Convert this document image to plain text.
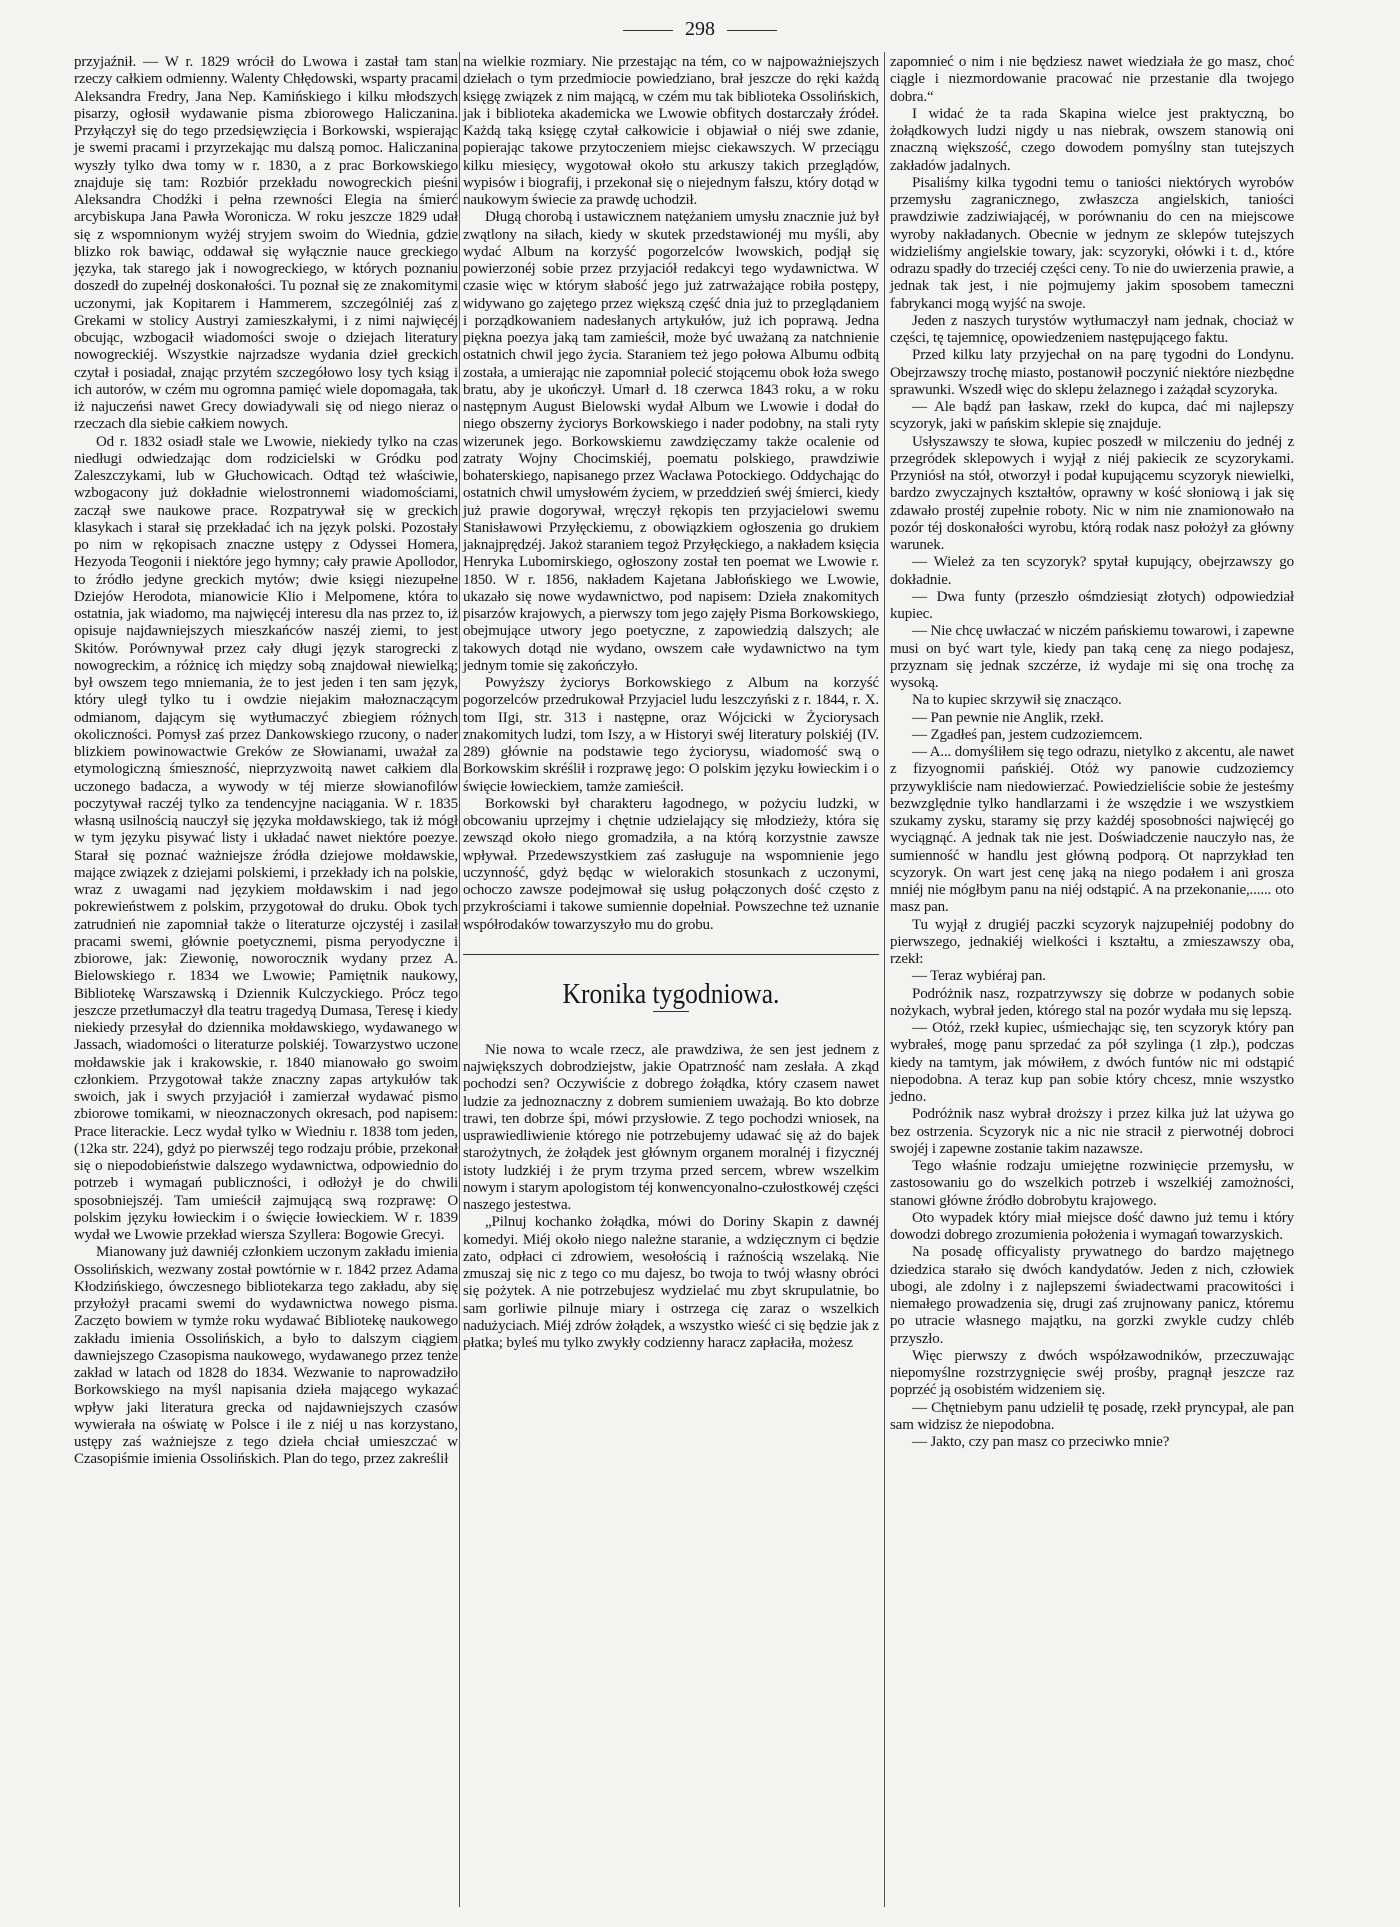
298

przyjaźnił. — W r. 1829 wrócił do Lwowa i zastał tam stan rzeczy całkiem odmienny. Walenty Chłędowski, wsparty pracami Aleksandra Fredry, Jana Nep. Kamińskiego i kilku młodszych pisarzy, ogłosił wydawanie pisma zbiorowego Haliczanina. Przyłączył się do tego przedsięwzięcia i Borkowski, wspierając je swemi pracami i przyrzekając mu dalszą pomoc. Haliczanina wyszły tylko dwa tomy w r. 1830, a z prac Borkowskiego znajduje się tam: Rozbiór przekładu nowogreckich pieśni Aleksandra Chodźki i pełna rzewności Elegia na śmierć arcybiskupa Jana Pawła Woronicza. W roku jeszcze 1829 udał się z wspomnionym wyżéj stryjem swoim do Wiednia, gdzie blizko rok bawiąc, oddawał się wyłącznie nauce greckiego języka, tak starego jak i nowogreckiego, w których poznaniu doszedł do zupełnéj doskonałości. Tu poznał się ze znakomitymi uczonymi, jak Kopitarem i Hammerem, szczególniéj zaś z Grekami w stolicy Austryi zamieszkałymi, i z nimi najwięcéj obcując, wzbogacił wiadomości swoje o dziejach literatury nowogreckiéj. Wszystkie najrzadsze wydania dzieł greckich czytał i posiadał, znając przytém szczegółowo losy tych ksiąg i ich autorów, w czém mu ogromna pamięć wiele dopomagała, tak iż najuczeńsi nawet Grecy dowiadywali się od niego nieraz o rzeczach dla siebie całkiem nowych.

Od r. 1832 osiadł stale we Lwowie, niekiedy tylko na czas niedługi odwiedzając dom rodzicielski w Gródku pod Zaleszczykami, lub w Głuchowicach. Odtąd też właściwie, wzbogacony już dokładnie wielostronnemi wiadomościami, zaczął swe naukowe prace. Rozpatrywał się w greckich klasykach i starał się przekładać ich na język polski. Pozostały po nim w rękopisach znaczne ustępy z Odyssei Homera, Hezyoda Teogonii i niektóre jego hymny; cały prawie Apollodor, to źródło jedyne greckich mytów; dwie księgi niezupełne Dziejów Herodota, mianowicie Klio i Melpomene, która to ostatnia, jak wiadomo, ma najwięcéj interesu dla nas przez to, iż opisuje najdawniejszych mieszkańców naszéj ziemi, to jest Skitów. Porównywał przez cały długi język starogrecki z nowogreckim, a różnicę ich między sobą znajdował niewielką; był owszem tego mniemania, że to jest jeden i ten sam język, który uległ tylko tu i owdzie niejakim małoznaczącym odmianom, dającym się wytłumaczyć zbiegiem różnych okoliczności. Pomysł zaś przez Dankowskiego rzucony, o nader blizkiem powinowactwie Greków ze Słowianami, uważał za etymologiczną śmieszność, nieprzyzwoitą nawet całkiem dla uczonego badacza, a wywody w téj mierze słowianofilów poczytywał raczéj tylko za tendencyjne naciągania. W r. 1835 własną usilnością nauczył się języka mołdawskiego, tak iż mógł w tym języku pisywać listy i układać nawet niektóre poezye. Starał się poznać ważniejsze źródła dziejowe mołdawskie, mające związek z dziejami polskiemi, i przekłady ich na polskie, wraz z uwagami nad językiem mołdawskim i nad jego pokrewieństwem z polskim, przygotował do druku. Obok tych zatrudnień nie zapomniał także o literaturze ojczystéj i zasilał pracami swemi, głównie poetycznemi, pisma peryodyczne i zbiorowe, jak: Ziewonię, noworocznik wydany przez A. Bielowskiego r. 1834 we Lwowie; Pamiętnik naukowy, Bibliotekę Warszawską i Dziennik Kulczyckiego. Prócz tego jeszcze przetłumaczył dla teatru tragedyą Dumasa, Teresę i kiedy niekiedy przesyłał do dziennika mołdawskiego, wydawanego w Jassach, wiadomości o literaturze polskiéj. Towarzystwo uczone mołdawskie jak i krakowskie, r. 1840 mianowało go swoim członkiem. Przygotował także znaczny zapas artykułów tak swoich, jak i swych przyjaciół i zamierzał wydawać pismo zbiorowe tomikami, w nieoznaczonych okresach, pod napisem: Prace literackie. Lecz wydał tylko w Wiedniu r. 1838 tom jeden, (12ka str. 224), gdyż po pierwszéj tego rodzaju próbie, przekonał się o niepodobieństwie dalszego wydawnictwa, odpowiednio do potrzeb i wymagań publiczności, i odłożył je do chwili sposobniejszéj. Tam umieścił zajmującą swą rozprawę: O polskim języku łowieckim i o święcie łowieckiem. W r. 1839 wydał we Lwowie przekład wiersza Szyllera: Bogowie Grecyi.

Mianowany już dawniéj członkiem uczonym zakładu imienia Ossolińskich, wezwany został powtórnie w r. 1842 przez Adama Kłodzińskiego, ówczesnego bibliotekarza tego zakładu, aby się przyłożył pracami swemi do wydawnictwa nowego pisma. Zaczęto bowiem w tymże roku wydawać Bibliotekę naukowego zakładu imienia Ossolińskich, a było to dalszym ciągiem dawniejszego Czasopisma naukowego, wydawanego przez tenże zakład w latach od 1828 do 1834. Wezwanie to naprowadziło Borkowskiego na myśl napisania dzieła mającego wykazać wpływ jaki literatura grecka od najdawniejszych czasów wywierała na oświatę w Polsce i ile z niéj u nas korzystano, ustępy zaś ważniejsze z tego dzieła chciał umieszczać w Czasopiśmie imienia Ossolińskich. Plan do tego, przez zakreślił

na wielkie rozmiary. Nie przestając na tém, co w najpoważniejszych dziełach o tym przedmiocie powiedziano, brał jeszcze do ręki każdą księgę związek z nim mającą, w czém mu tak biblioteka Ossolińskich, jak i biblioteka akademicka we Lwowie obfitych dostarczały źródeł. Każdą taką księgę czytał całkowicie i objawiał o niéj swe zdanie, popierając takowe przytoczeniem miejsc ciekawszych. W przeciągu kilku miesięcy, wygotował około stu arkuszy takich przeglądów, wypisów i biografij, i przekonał się o niejednym fałszu, który dotąd w naukowym świecie za prawdę uchodził.

Długą chorobą i ustawicznem natężaniem umysłu znacznie już był zwątlony na siłach, kiedy w skutek przedstawionéj mu myśli, aby wydać Album na korzyść pogorzelców lwowskich, podjął się powierzonéj sobie przez przyjaciół redakcyi tego wydawnictwa. W czasie więc w którym słabość jego już zatrważające robiła postępy, widywano go zajętego przez większą część dnia już to przeglądaniem i porządkowaniem nadesłanych artykułów, już ich poprawą. Jedna piękna poezya jaką tam zamieścił, może być uważaną za natchnienie ostatnich chwil jego życia. Staraniem też jego połowa Albumu odbitą została, a umierając nie zapomniał polecić stojącemu obok łoża swego bratu, aby je ukończył. Umarł d. 18 czerwca 1843 roku, a w roku następnym August Bielowski wydał Album we Lwowie i dodał do niego obszerny życiorys Borkowskiego i nader podobny, na stali ryty wizerunek jego. Borkowskiemu zawdzięczamy także ocalenie od zatraty Wojny Chocimskiéj, poematu polskiego, prawdziwie bohaterskiego, napisanego przez Wacława Potockiego. Oddychając do ostatnich chwil umysłowém życiem, w przeddzień swéj śmierci, kiedy już prawie dogorywał, wręczył rękopis ten przyjacielowi swemu Stanisławowi Przyłęckiemu, z obowiązkiem ogłoszenia go drukiem jaknajprędzéj. Jakoż staraniem tegoż Przyłęckiego, a nakładem księcia Henryka Lubomirskiego, ogłoszony został ten poemat we Lwowie r. 1850. W r. 1856, nakładem Kajetana Jabłońskiego we Lwowie, ukazało się nowe wydawnictwo, pod napisem: Dzieła znakomitych pisarzów krajowych, a pierwszy tom jego zajęły Pisma Borkowskiego, obejmujące utwory jego poetyczne, z zapowiedzią dalszych; ale takowych dotąd nie wydano, owszem całe wydawnictwo na tym jednym tomie się zakończyło.

Powyższy życiorys Borkowskiego z Album na korzyść pogorzelców przedrukował Przyjaciel ludu leszczyński z r. 1844, r. X. tom IIgi, str. 313 i następne, oraz Wójcicki w Życiorysach znakomitych ludzi, tom Iszy, a w Historyi swéj literatury polskiéj (IV. 289) głównie na podstawie tego życiorysu, wiadomość swą o Borkowskim skréślił i rozprawę jego: O polskim języku łowieckim i o święcie łowieckiem, tamże zamieścił.

Borkowski był charakteru łagodnego, w pożyciu ludzki, w obcowaniu uprzejmy i chętnie udzielający się młodzieży, która się zewsząd około niego gromadziła, a na którą korzystnie zawsze wpływał. Przedewszystkiem zaś zasługuje na wspomnienie jego uczynność, gdyż będąc w wielorakich stosunkach z uczonymi, ochoczo zawsze podejmował się usług połączonych dość często z przykrościami i takowe sumiennie dopełniał. Powszechne też uznanie współrodaków towarzyszyło mu do grobu.

Kronika tygodniowa.

Nie nowa to wcale rzecz, ale prawdziwa, że sen jest jednem z największych dobrodziejstw, jakie Opatrzność nam zesłała. A zkąd pochodzi sen? Oczywiście z dobrego żołądka, który czasem nawet ludzie za jednoznaczny z dobrem sumieniem uważają. Bo kto dobrze trawi, ten dobrze śpi, mówi przysłowie. Z tego pochodzi wniosek, na usprawiedliwienie którego nie potrzebujemy udawać się aż do bajek starożytnych, że żołądek jest głównym organem moralnéj i fizycznéj istoty ludzkiéj i że prym trzyma przed sercem, wbrew wszelkim nowym i starym apologistom téj konwencyonalno-czułostkowéj części naszego jestestwa.

„Pilnuj kochanko żołądka, mówi do Doriny Skapin z dawnéj komedyi. Miéj około niego należne staranie, a wdzięcznym ci będzie zato, odpłaci ci zdrowiem, wesołością i raźnością wszelaką. Nie zmuszaj się nic z tego co mu dajesz, bo twoja to twój własny obróci się pożytek. A nie potrzebujesz wydzielać mu zbyt skrupulatnie, bo sam gorliwie pilnuje miary i ostrzega cię zaraz o wszelkich nadużyciach. Miéj zdrów żołądek, a wszystko wieść ci się będzie jak z płatka; byleś mu tylko zwykły codzienny haracz zapłaciła, możesz

zapomnieć o nim i nie będziesz nawet wiedziała że go masz, choć ciągle i niezmordowanie pracować nie przestanie dla twojego dobra.“

I widać że ta rada Skapina wielce jest praktyczną, bo żołądkowych ludzi nigdy u nas niebrak, owszem stanowią oni znaczną większość, czego dowodem pomyślny stan tutejszych zakładów jadalnych.

Pisaliśmy kilka tygodni temu o taniości niektórych wyrobów przemysłu zagranicznego, zwłaszcza angielskich, taniości prawdziwie zadziwiającéj, w porównaniu do cen na miejscowe wyroby nakładanych. Obecnie w jednym ze sklepów tutejszych widzieliśmy angielskie towary, jak: scyzoryki, ołówki i t. d., które odrazu spadły do trzeciéj części ceny. To nie do uwierzenia prawie, a jednak tak jest, i nie pojmujemy jakim sposobem tameczni fabrykanci mogą wyjść na swoje.

Jeden z naszych turystów wytłumaczył nam jednak, chociaż w części, tę tajemnicę, opowiedzeniem następującego faktu.

Przed kilku laty przyjechał on na parę tygodni do Londynu. Obejrzawszy trochę miasto, postanowił poczynić niektóre niezbędne sprawunki. Wszedł więc do sklepu żelaznego i zażądał scyzoryka.

— Ale bądź pan łaskaw, rzekł do kupca, dać mi najlepszy scyzoryk, jaki w pańskim sklepie się znajduje.

Usłyszawszy te słowa, kupiec poszedł w milczeniu do jednéj z przegródek sklepowych i wyjął z niéj pakiecik ze scyzorykami. Przyniósł na stół, otworzył i podał kupującemu scyzoryk niewielki, bardzo zwyczajnych kształtów, oprawny w kość słoniową i jak się zdawało prostéj zupełnie roboty. Nic w nim nie znamionowało na pozór téj doskonałości wyrobu, którą rodak nasz położył za główny warunek.

— Wieleż za ten scyzoryk? spytał kupujący, obejrzawszy go dokładnie.

— Dwa funty (przeszło ośmdziesiąt złotych) odpowiedział kupiec.

— Nie chcę uwłaczać w niczém pańskiemu towarowi, i zapewne musi on być wart tyle, kiedy pan taką cenę za niego podajesz, przyznam się jednak szczérze, iż wydaje mi się ona trochę za wysoką.

Na to kupiec skrzywił się znacząco.

— Pan pewnie nie Anglik, rzekł.

— Zgadłeś pan, jestem cudzoziemcem.

— A... domyśliłem się tego odrazu, nietylko z akcentu, ale nawet z fizyognomii pańskiéj. Otóż wy panowie cudzoziemcy przywykliście nam niedowierzać. Powiedzieliście sobie że jesteśmy bezwzględnie tylko handlarzami i że wszędzie i we wszystkiem szukamy zysku, staramy się przy każdéj sposobności najwięcéj go wyciągnąć. A jednak tak nie jest. Doświadczenie nauczyło nas, że sumienność w handlu jest główną podporą. Ot naprzykład ten scyzoryk. On wart jest cenę jaką na niego podałem i ani grosza mniéj nie mógłbym panu na niéj odstąpić. A na przekonanie,...... oto masz pan.

Tu wyjął z drugiéj paczki scyzoryk najzupełniéj podobny do pierwszego, jednakiéj wielkości i kształtu, a zmieszawszy oba, rzekł:

— Teraz wybiéraj pan.

Podróżnik nasz, rozpatrzywszy się dobrze w podanych sobie nożykach, wybrał jeden, którego stal na pozór wydała mu się lepszą.

— Otóż, rzekł kupiec, uśmiechając się, ten scyzoryk który pan wybrałeś, mogę panu sprzedać za pół szylinga (1 złp.), podczas kiedy na tamtym, jak mówiłem, z dwóch funtów nic mi odstąpić niepodobna. A teraz kup pan sobie który chcesz, mnie wszystko jedno.

Podróżnik nasz wybrał droższy i przez kilka już lat używa go bez ostrzenia. Scyzoryk nic a nic nie stracił z pierwotnéj dobroci swojéj i zapewne zostanie takim nazawsze.

Tego właśnie rodzaju umiejętne rozwinięcie przemysłu, w zastosowaniu go do wszelkich potrzeb i wszelkiéj zamożności, stanowi główne źródło dobrobytu krajowego.

Oto wypadek który miał miejsce dość dawno już temu i który dowodzi dobrego zrozumienia położenia i wymagań towarzyskich.

Na posadę officyalisty prywatnego do bardzo majętnego dziedzica starało się dwóch kandydatów. Jeden z nich, człowiek ubogi, ale zdolny i z najlepszemi świadectwami pracowitości i niemałego prowadzenia się, drugi zaś zrujnowany panicz, któremu po utracie własnego majątku, na gorzki zwykle cudzy chléb przyszło.

Więc pierwszy z dwóch współzawodników, przeczuwając niepomyślne rozstrzygnięcie swéj prośby, pragnął jeszcze raz poprzéć ją osobistém widzeniem się.

— Chętniebym panu udzielił tę posadę, rzekł pryncypał, ale pan sam widzisz że niepodobna.

— Jakto, czy pan masz co przeciwko mnie?
